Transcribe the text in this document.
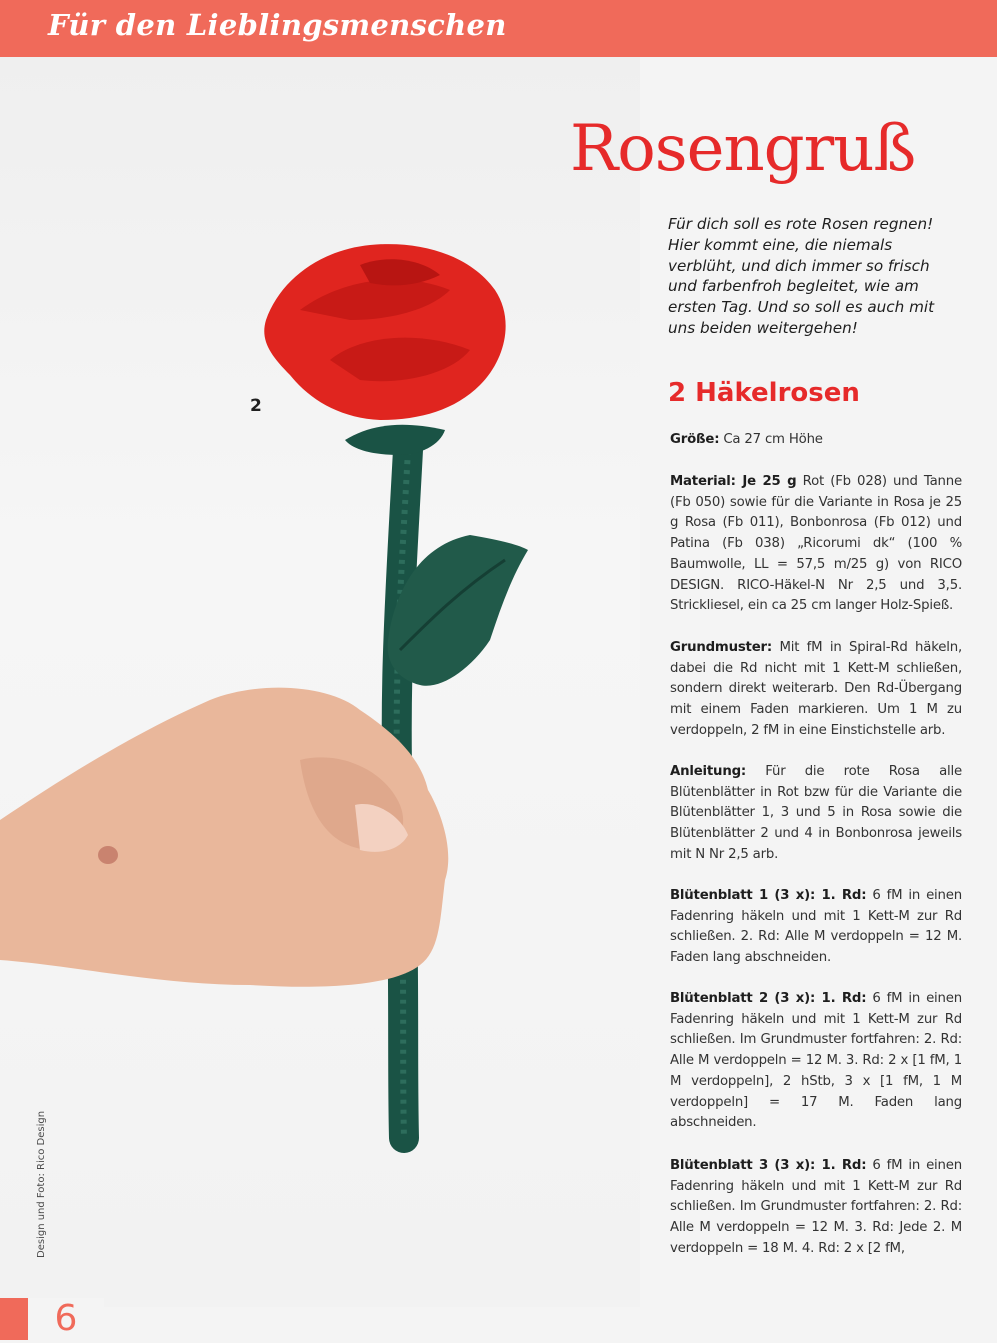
Für den Lieblingsmenschen
2
Design und Foto: Rico Design
Rosengruß
Für dich soll es rote Rosen regnen! Hier kommt eine, die niemals verblüht, und dich immer so frisch und farbenfroh begleitet, wie am ersten Tag. Und so soll es auch mit uns beiden weitergehen!
2 Häkelrosen
Größe: Ca 27 cm Höhe
Material: Je 25 g Rot (Fb 028) und Tanne (Fb 050) sowie für die Variante in Rosa je 25 g Rosa (Fb 011), Bonbonrosa (Fb 012) und Patina (Fb 038) „Ricorumi dk“ (100 % Baumwolle, LL = 57,5 m/25 g) von RICO DESIGN. RICO-Häkel-N Nr 2,5 und 3,5. Strickliesel, ein ca 25 cm langer Holz-Spieß.
Grundmuster: Mit fM in Spiral-Rd häkeln, dabei die Rd nicht mit 1 Kett-M schließen, sondern direkt weiterarb. Den Rd-Übergang mit einem Faden markieren. Um 1 M zu verdoppeln, 2 fM in eine Einstichstelle arb.
Anleitung: Für die rote Rosa alle Blütenblätter in Rot bzw für die Variante die Blütenblätter 1, 3 und 5 in Rosa sowie die Blütenblätter 2 und 4 in Bonbonrosa jeweils mit N Nr 2,5 arb.
Blütenblatt 1 (3 x): 1. Rd: 6 fM in einen Fadenring häkeln und mit 1 Kett-M zur Rd schließen. 2. Rd: Alle M verdoppeln = 12 M. Faden lang abschneiden.
Blütenblatt 2 (3 x): 1. Rd: 6 fM in einen Fadenring häkeln und mit 1 Kett-M zur Rd schließen. Im Grundmuster fortfahren: 2. Rd: Alle M verdoppeln = 12 M. 3. Rd: 2 x [1 fM, 1 M verdoppeln], 2 hStb, 3 x [1 fM, 1 M verdoppeln] = 17 M. Faden lang abschneiden.
Blütenblatt 3 (3 x): 1. Rd: 6 fM in einen Fadenring häkeln und mit 1 Kett-M zur Rd schließen. Im Grundmuster fortfahren: 2. Rd: Alle M verdoppeln = 12 M. 3. Rd: Jede 2. M verdoppeln = 18 M. 4. Rd: 2 x [2 fM,
6
